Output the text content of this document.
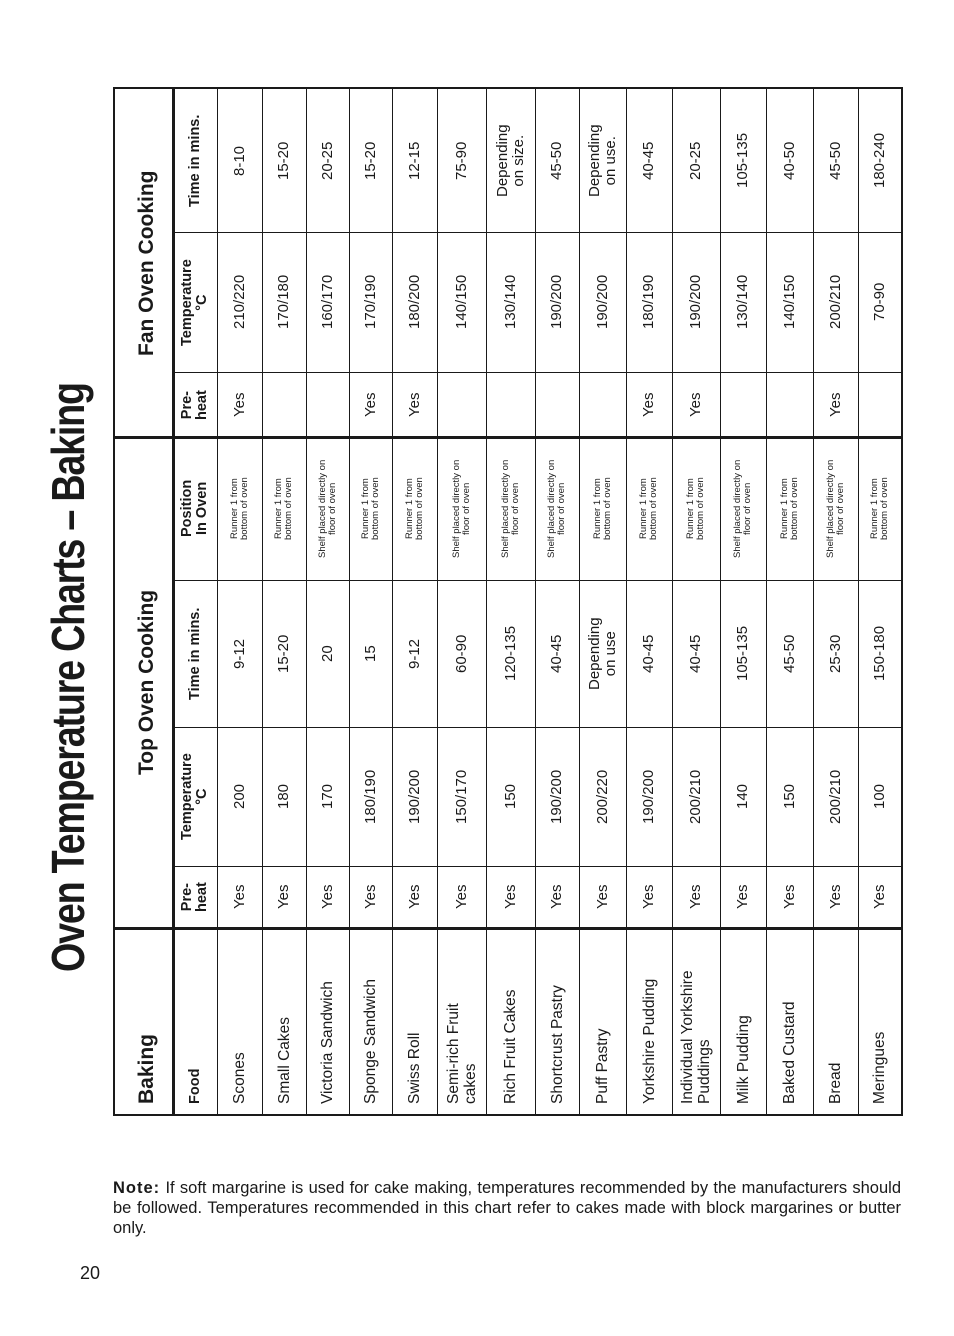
Oven Temperature Charts – Baking
Fan Oven Cooking
Top Oven Cooking
Baking
Time in mins.
Temperature °C
Pre- heat
Position In Oven
Time in mins.
Temperature °C
Pre- heat
Food Scones
Yes
200
9-12
Runner 1 from bottom of oven
Yes
210/220
8-10
Small Cakes
Yes
180
15-20
Runner 1 from bottom of oven
170/180
15-20
Victoria Sandwich
Yes
170
20
Shelf placed directly on floor of oven
160/170
20-25
Sponge Sandwich
Yes
180/190
15
Runner 1 from bottom of oven
Yes
170/190
15-20
Swiss Roll
Yes
190/200
9-12
Runner 1 from bottom of oven
Yes
180/200
12-15
Semi-rich Fruit cakes
Yes
150/170
60-90
Shelf placed directly on floor of oven
140/150
75-90
Rich Fruit Cakes
Yes
150
120-135
Shelf placed directly on floor of oven
130/140
Depending on size.
Shortcrust Pastry
Yes
190/200
40-45
Shelf placed directly on floor of oven
190/200
45-50
Puff Pastry
Yes
200/220
Depending on use
Runner 1 from bottom of oven
190/200
Depending on use.
Yorkshire Pudding
Yes
190/200
40-45
Runner 1 from bottom of oven
Yes
180/190
40-45
Individual Yorkshire Puddings
Yes
200/210
40-45
Runner 1 from bottom of oven
Yes
190/200
20-25
Milk Pudding
Yes
140
105-135
Shelf placed directly on floor of oven
130/140
105-135
Baked Custard
Yes
150
45-50
Runner 1 from bottom of oven
140/150
40-50
Bread
Yes
200/210
25-30
Shelf placed directly on floor of oven
Yes
200/210
45-50
Meringues
Yes
100
150-180
Runner 1 from bottom of oven
70-90
180-240

Note: If soft margarine is used for cake making, temperatures recommended by the manufacturers should be followed. Temperatures recommended in this chart refer to cakes made with block margarines or butter only.

20
